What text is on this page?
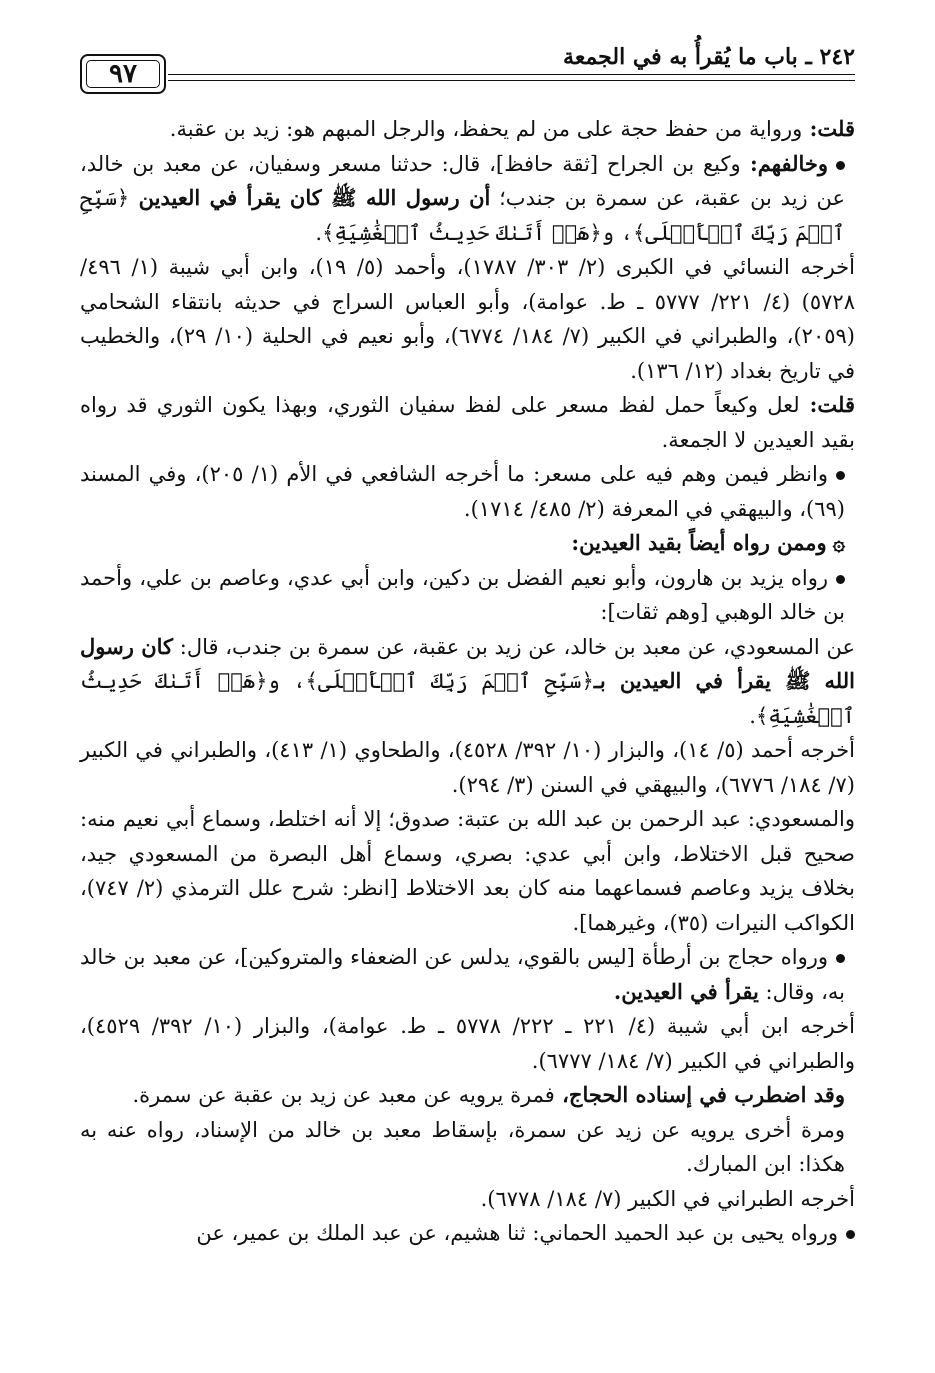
٢٤٢ ـ باب ما يُقرأُ به في الجمعة
٩٧

قلت: ورواية من حفظ حجة على من لم يحفظ، والرجل المبهم هو: زيد بن عقبة.

وخالفهم: وكيع بن الجراح [ثقة حافظ]، قال: حدثنا مسعر وسفيان، عن معبد بن خالد، عن زيد بن عقبة، عن سمرة بن جندب؛ أن رسول الله ﷺ كان يقرأ في العيدين ﴿سَبِّحِ ٱسۡمَ رَبِّكَ ٱلۡأَعۡلَى﴾، و﴿هَلۡ أَتَىٰكَ حَدِيثُ ٱلۡغَٰشِيَةِ﴾.

أخرجه النسائي في الكبرى (٢/ ٣٠٣/ ١٧٨٧)، وأحمد (٥/ ١٩)، وابن أبي شيبة (١/ ٤٩٦/ ٥٧٢٨) (٤/ ٢٢١/ ٥٧٧٧ ـ ط. عوامة)، وأبو العباس السراج في حديثه بانتقاء الشحامي (٢٠٥٩)، والطبراني في الكبير (٧/ ١٨٤/ ٦٧٧٤)، وأبو نعيم في الحلية (١٠/ ٢٩)، والخطيب في تاريخ بغداد (١٢/ ١٣٦).

قلت: لعل وكيعاً حمل لفظ مسعر على لفظ سفيان الثوري، وبهذا يكون الثوري قد رواه بقيد العيدين لا الجمعة.

وانظر فيمن وهم فيه على مسعر: ما أخرجه الشافعي في الأم (١/ ٢٠٥)، وفي المسند (٦٩)، والبيهقي في المعرفة (٢/ ٤٨٥/ ١٧١٤).

۞وممن رواه أيضاً بقيد العيدين:

رواه يزيد بن هارون، وأبو نعيم الفضل بن دكين، وابن أبي عدي، وعاصم بن علي، وأحمد بن خالد الوهبي [وهم ثقات]:

عن المسعودي، عن معبد بن خالد، عن زيد بن عقبة، عن سمرة بن جندب، قال: كان رسول الله ﷺ يقرأ في العيدين بـ﴿سَبِّحِ ٱسۡمَ رَبِّكَ ٱلۡأَعۡلَى﴾، و﴿هَلۡ أَتَىٰكَ حَدِيثُ ٱلۡغَٰشِيَةِ﴾.

أخرجه أحمد (٥/ ١٤)، والبزار (١٠/ ٣٩٢/ ٤٥٢٨)، والطحاوي (١/ ٤١٣)، والطبراني في الكبير (٧/ ١٨٤/ ٦٧٧٦)، والبيهقي في السنن (٣/ ٢٩٤).

والمسعودي: عبد الرحمن بن عبد الله بن عتبة: صدوق؛ إلا أنه اختلط، وسماع أبي نعيم منه: صحيح قبل الاختلاط، وابن أبي عدي: بصري، وسماع أهل البصرة من المسعودي جيد، بخلاف يزيد وعاصم فسماعهما منه كان بعد الاختلاط [انظر: شرح علل الترمذي (٢/ ٧٤٧)، الكواكب النيرات (٣٥)، وغيرهما].

ورواه حجاج بن أرطأة [ليس بالقوي، يدلس عن الضعفاء والمتروكين]، عن معبد بن خالد به، وقال: يقرأ في العيدين.

أخرجه ابن أبي شيبة (٤/ ٢٢١ ـ ٢٢٢/ ٥٧٧٨ ـ ط. عوامة)، والبزار (١٠/ ٣٩٢/ ٤٥٢٩)، والطبراني في الكبير (٧/ ١٨٤/ ٦٧٧٧).

وقد اضطرب في إسناده الحجاج، فمرة يرويه عن معبد عن زيد بن عقبة عن سمرة.

ومرة أخرى يرويه عن زيد عن سمرة، بإسقاط معبد بن خالد من الإسناد، رواه عنه به هكذا: ابن المبارك.

أخرجه الطبراني في الكبير (٧/ ١٨٤/ ٦٧٧٨).

ورواه يحيى بن عبد الحميد الحماني: ثنا هشيم، عن عبد الملك بن عمير، عن
